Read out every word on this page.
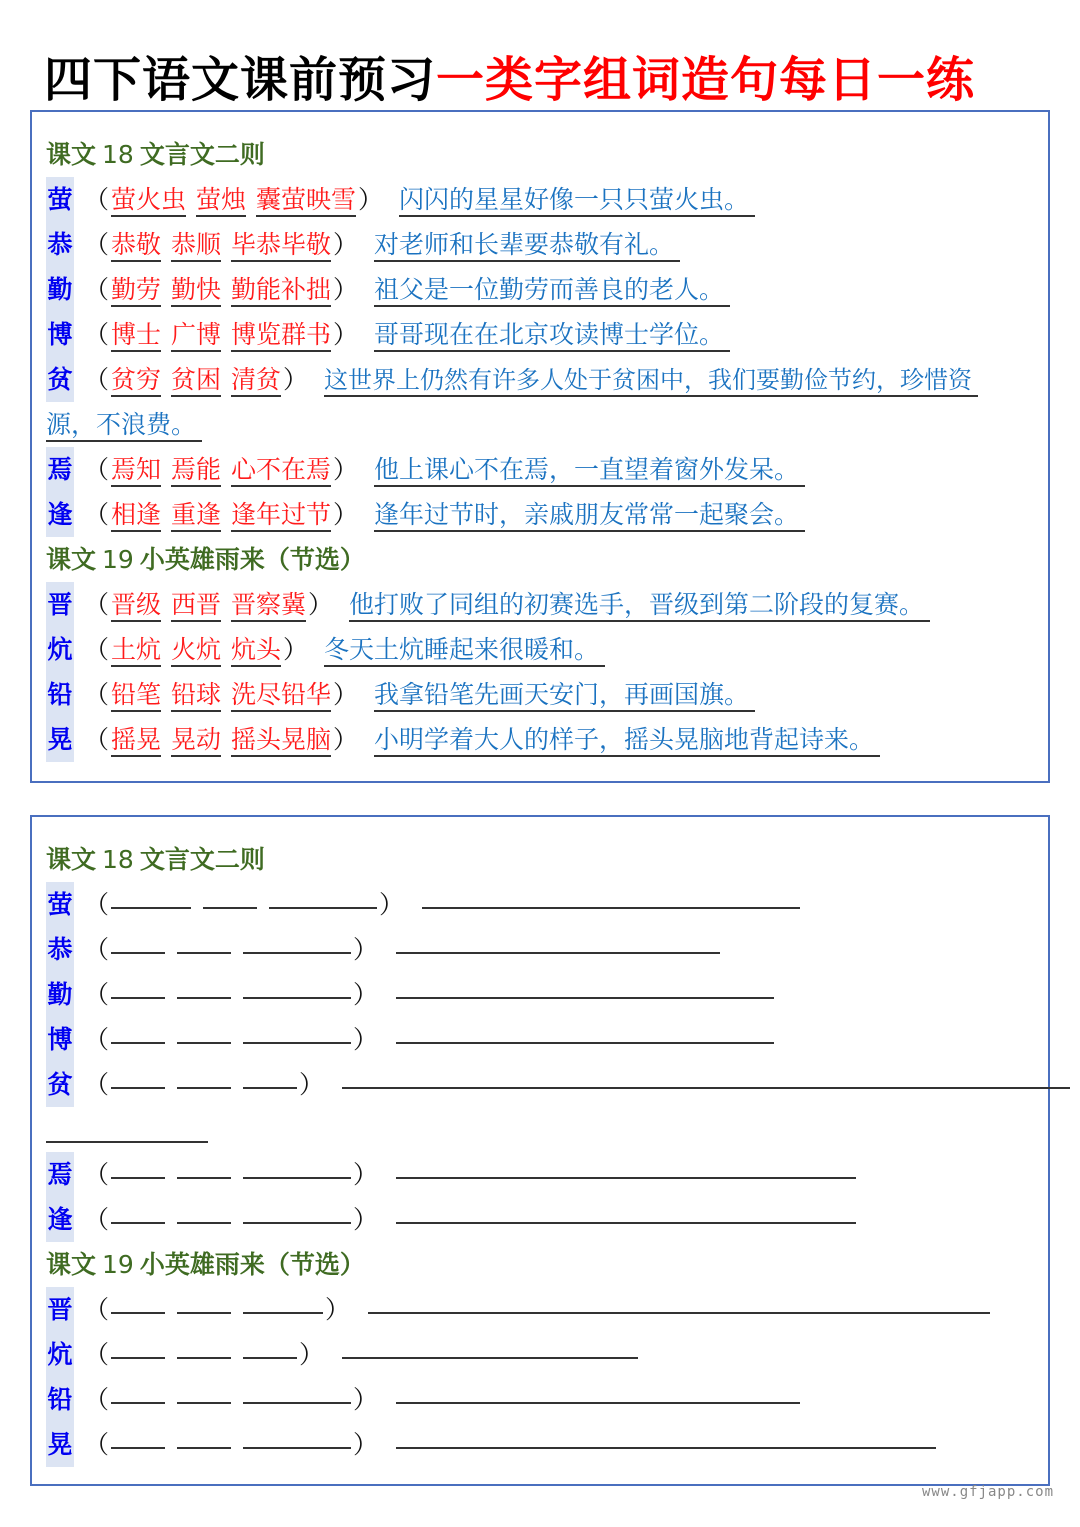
四下语文课前预习一类字组词造句每日一练
课文 18 文言文二则
萤 （萤火虫 萤烛 囊萤映雪） 闪闪的星星好像一只只萤火虫。
恭 （恭敬 恭顺 毕恭毕敬） 对老师和长辈要恭敬有礼。
勤 （勤劳 勤快 勤能补拙） 祖父是一位勤劳而善良的老人。
博 （博士 广博 博览群书） 哥哥现在在北京攻读博士学位。
贫 （贫穷 贫困 清贫） 这世界上仍然有许多人处于贫困中，我们要勤俭节约，珍惜资
源，不浪费。
焉 （焉知 焉能 心不在焉） 他上课心不在焉，一直望着窗外发呆。
逢 （相逢 重逢 逢年过节） 逢年过节时，亲戚朋友常常一起聚会。
课文 19 小英雄雨来（节选）
晋 （晋级 西晋 晋察冀） 他打败了同组的初赛选手，晋级到第二阶段的复赛。
炕 （土炕 火炕 炕头） 冬天土炕睡起来很暖和。
铅 （铅笔 铅球 洗尽铅华） 我拿铅笔先画天安门，再画国旗。
晃 （摇晃 晃动 摇头晃脑） 小明学着大人的样子，摇头晃脑地背起诗来。
课文 18 文言文二则
萤 （	）
恭 （	）
勤 （	）
博 （	）
贫 （	）
焉 （	）
逢 （	）
课文 19 小英雄雨来（节选）
晋 （	）
炕 （	）
铅 （	）
晃 （	）
www.gfjapp.com
